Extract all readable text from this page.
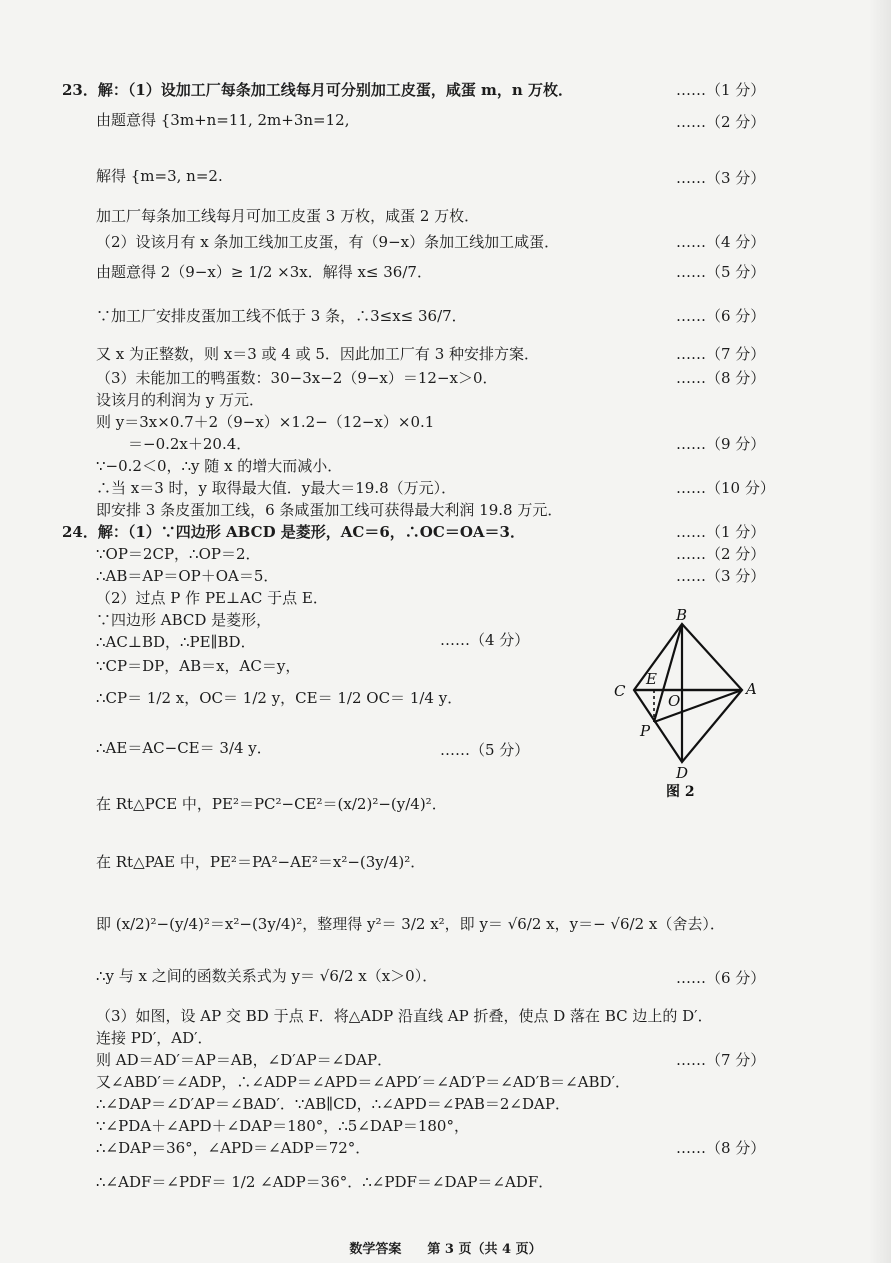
23．解：（1）设加工厂每条加工线每月可分别加工皮蛋，咸蛋 m，n 万枚．
由题意得 {3m+n=11, 2m+3n=12,
解得 {m=3, n=2.
加工厂每条加工线每月可加工皮蛋 3 万枚，咸蛋 2 万枚．
（2）设该月有 x 条加工线加工皮蛋，有（9−x）条加工线加工咸蛋．
由题意得 2（9−x）≥ 1/2 ×3x．解得 x≤ 36/7．
∵加工厂安排皮蛋加工线不低于 3 条，∴3≤x≤ 36/7．
又 x 为正整数，则 x＝3 或 4 或 5．因此加工厂有 3 种安排方案．
（3）未能加工的鸭蛋数：30−3x−2（9−x）＝12−x＞0．
设该月的利润为 y 万元．
则 y＝3x×0.7＋2（9−x）×1.2−（12−x）×0.1
＝−0.2x＋20.4．
∵−0.2＜0，∴y 随 x 的增大而减小．
∴当 x＝3 时，y 取得最大值．y最大＝19.8（万元）．
即安排 3 条皮蛋加工线，6 条咸蛋加工线可获得最大利润 19.8 万元．
24．解：（1）∵四边形 ABCD 是菱形，AC＝6，∴OC＝OA＝3．
∵OP＝2CP，∴OP＝2．
∴AB＝AP＝OP＋OA＝5．
（2）过点 P 作 PE⊥AC 于点 E．
∵四边形 ABCD 是菱形，
∴AC⊥BD，∴PE∥BD．
∵CP＝DP，AB＝x，AC＝y，
∴CP＝ 1/2 x，OC＝ 1/2 y，CE＝ 1/2 OC＝ 1/4 y．
∴AE＝AC−CE＝ 3/4 y．
在 Rt△PCE 中，PE²＝PC²−CE²＝(x/2)²−(y/4)²．
在 Rt△PAE 中，PE²＝PA²−AE²＝x²−(3y/4)²．
即 (x/2)²−(y/4)²＝x²−(3y/4)²，整理得 y²＝ 3/2 x²，即 y＝ √6/2 x，y＝− √6/2 x（舍去）．
∴y 与 x 之间的函数关系式为 y＝ √6/2 x（x＞0）．
（3）如图，设 AP 交 BD 于点 F．将△ADP 沿直线 AP 折叠，使点 D 落在 BC 边上的 D′．
连接 PD′，AD′．
则 AD＝AD′＝AP＝AB，∠D′AP＝∠DAP．
又∠ABD′＝∠ADP，∴∠ADP＝∠APD＝∠APD′＝∠AD′P＝∠AD′B＝∠ABD′．
∴∠DAP＝∠D′AP＝∠BAD′．∵AB∥CD，∴∠APD＝∠PAB＝2∠DAP．
∵∠PDA＋∠APD＋∠DAP＝180°，∴5∠DAP＝180°，
∴∠DAP＝36°，∠APD＝∠ADP＝72°．
∴∠ADF＝∠PDF＝ 1/2 ∠ADP＝36°．∴∠PDF＝∠DAP＝∠ADF．
……（1 分）
……（2 分）
……（3 分）
……（4 分）
……（5 分）
……（6 分）
……（7 分）
……（8 分）
……（9 分）
……（10 分）
……（1 分）
……（2 分）
……（3 分）
……（4 分）
……（5 分）
……（6 分）
……（7 分）
……（8 分）
B
C
E
O
A
P
D
图 2
数学答案　　第 3 页（共 4 页）
